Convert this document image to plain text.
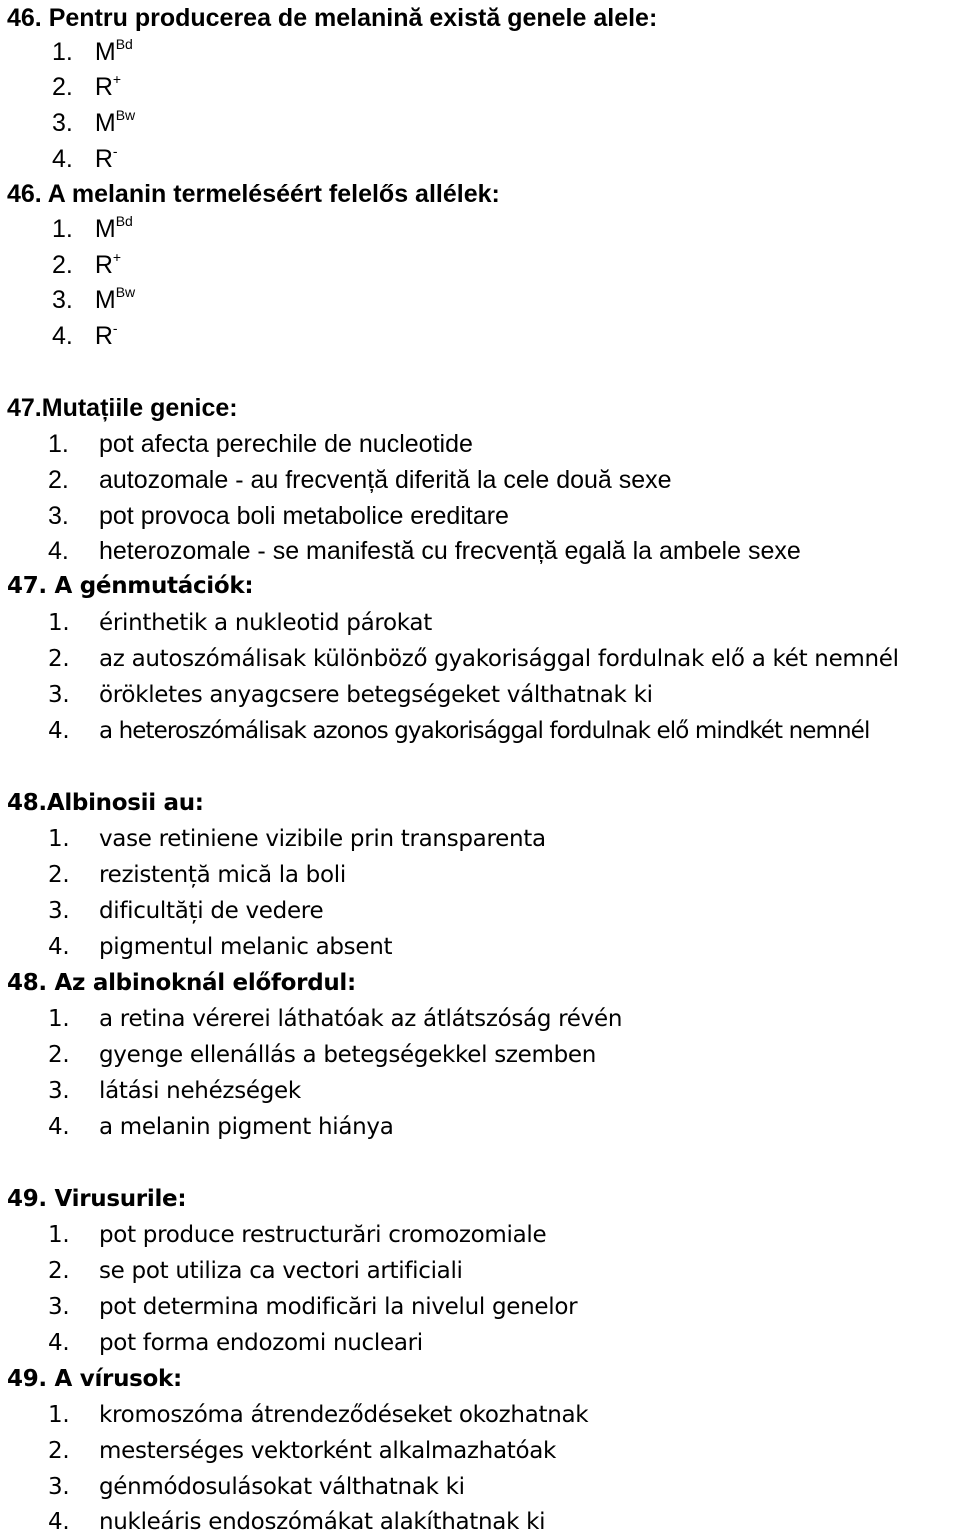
46. Pentru producerea de melanină există genele alele:
1. $M^{Bd}$
2. R+
3. $M^{Bw}$
4. R-
46. A melanin termeléséért felelős allélek:
1. $M^{Bd}$
2. R+
3. $M^{Bw}$
4. R-
47.Mutațiile genice:
1. pot afecta perechile de nucleotide
2. autozomale - au frecvență diferită la cele două sexe
3. pot provoca boli metabolice ereditare
4. heterozomale - se manifestă cu frecvență egală la ambele sexe
47. A génmutációk:
1. érinthetik a nukleotid párokat
2. az autoszómálisak különböző gyakorisággal fordulnak elő a két nemnél
3. örökletes anyagcsere betegségeket válthatnak ki
4. a heteroszómálisak azonos gyakorisággal fordulnak elő mindkét nemnél
48.Albinosii au:
1. vase retiniene vizibile prin transparenta
2. rezistență mică la boli
3. dificultăți de vedere
4. pigmentul melanic absent
48. Az albinoknál előfordul:
1. a retina vérerei láthatóak az átlátszóság révén
2. gyenge ellenállás a betegségekkel szemben
3. látási nehézségek
4. a melanin pigment hiánya
49. Virusurile:
1. pot produce restructurări cromozomiale
2. se pot utiliza ca vectori artificiali
3. pot determina modificări la nivelul genelor
4. pot forma endozomi nucleari
49. A vírusok:
1. kromoszóma átrendeződéseket okozhatnak
2. mesterséges vektorként alkalmazhatóak
3. génmódosulásokat válthatnak ki
4. nukleáris endoszómákat alakíthatnak ki
